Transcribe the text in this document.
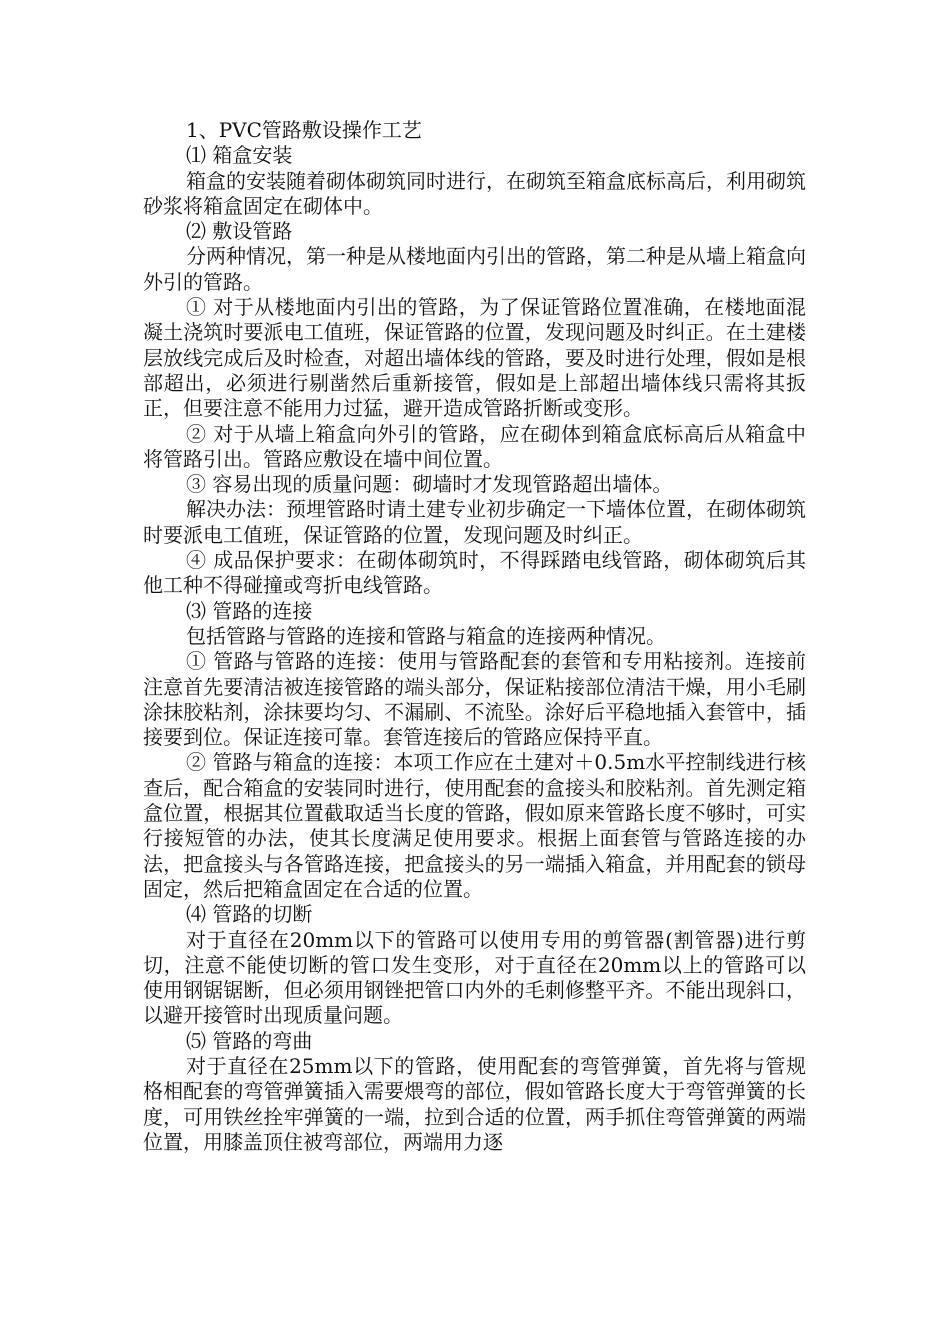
1、PVC管路敷设操作工艺

⑴ 箱盒安装

箱盒的安装随着砌体砌筑同时进行，在砌筑至箱盒底标高后，利用砌筑砂浆将箱盒固定在砌体中。

⑵ 敷设管路

分两种情况，第一种是从楼地面内引出的管路，第二种是从墙上箱盒向外引的管路。

① 对于从楼地面内引出的管路，为了保证管路位置准确，在楼地面混凝土浇筑时要派电工值班，保证管路的位置，发现问题及时纠正。在土建楼层放线完成后及时检查，对超出墙体线的管路，要及时进行处理，假如是根部超出，必须进行剔凿然后重新接管，假如是上部超出墙体线只需将其扳正，但要注意不能用力过猛，避开造成管路折断或变形。

② 对于从墙上箱盒向外引的管路，应在砌体到箱盒底标高后从箱盒中将管路引出。管路应敷设在墙中间位置。

③ 容易出现的质量问题：砌墙时才发现管路超出墙体。

解决办法：预埋管路时请土建专业初步确定一下墙体位置，在砌体砌筑时要派电工值班，保证管路的位置，发现问题及时纠正。

④ 成品保护要求：在砌体砌筑时，不得踩踏电线管路，砌体砌筑后其他工种不得碰撞或弯折电线管路。

⑶ 管路的连接

包括管路与管路的连接和管路与箱盒的连接两种情况。

① 管路与管路的连接：使用与管路配套的套管和专用粘接剂。连接前注意首先要清洁被连接管路的端头部分，保证粘接部位清洁干燥，用小毛刷涂抹胶粘剂，涂抹要均匀、不漏刷、不流坠。涂好后平稳地插入套管中，插接要到位。保证连接可靠。套管连接后的管路应保持平直。

② 管路与箱盒的连接：本项工作应在土建对＋0.5m水平控制线进行核查后，配合箱盒的安装同时进行，使用配套的盒接头和胶粘剂。首先测定箱盒位置，根据其位置截取适当长度的管路，假如原来管路长度不够时，可实行接短管的办法，使其长度满足使用要求。根据上面套管与管路连接的办法，把盒接头与各管路连接，把盒接头的另一端插入箱盒，并用配套的锁母固定，然后把箱盒固定在合适的位置。

⑷ 管路的切断

对于直径在20mm以下的管路可以使用专用的剪管器(割管器)进行剪切，注意不能使切断的管口发生变形，对于直径在20mm以上的管路可以使用钢锯锯断，但必须用钢锉把管口内外的毛刺修整平齐。不能出现斜口，以避开接管时出现质量问题。

⑸ 管路的弯曲

对于直径在25mm以下的管路，使用配套的弯管弹簧，首先将与管规格相配套的弯管弹簧插入需要煨弯的部位，假如管路长度大于弯管弹簧的长度，可用铁丝拴牢弹簧的一端，拉到合适的位置，两手抓住弯管弹簧的两端位置，用膝盖顶住被弯部位，两端用力逐
